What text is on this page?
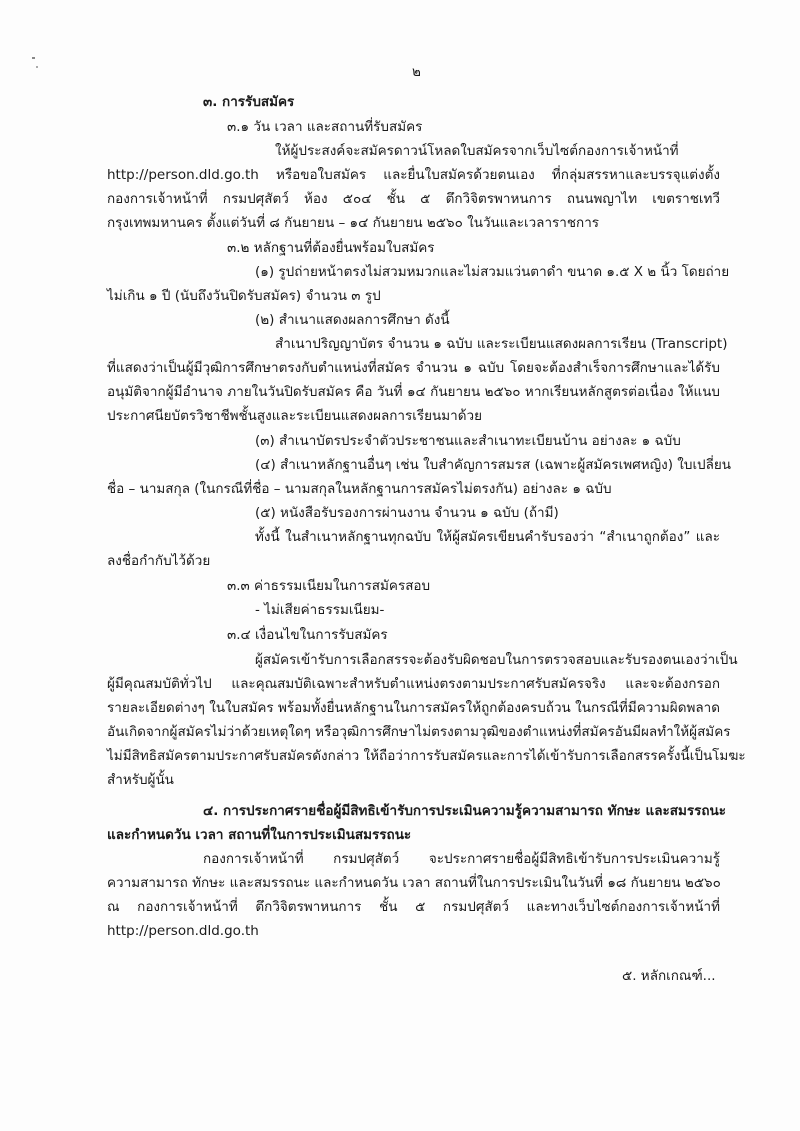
๒
๓. การรับสมัคร
๓.๑ วัน เวลา และสถานที่รับสมัคร
ให้ผู้ประสงค์จะสมัครดาวน์โหลดใบสมัครจากเว็บไซต์กองการเจ้าหน้าที่
http://person.dld.go.th หรือขอใบสมัคร และยื่นใบสมัครด้วยตนเอง ที่กลุ่มสรรหาและบรรจุแต่งตั้ง
กองการเจ้าหน้าที่ กรมปศุสัตว์ ห้อง ๕๐๔ ชั้น ๕ ตึกวิจิตรพาหนการ ถนนพญาไท เขตราชเทวี
กรุงเทพมหานคร ตั้งแต่วันที่ ๘ กันยายน – ๑๔ กันยายน ๒๕๖๐ ในวันและเวลาราชการ
๓.๒ หลักฐานที่ต้องยื่นพร้อมใบสมัคร
(๑) รูปถ่ายหน้าตรงไม่สวมหมวกและไม่สวมแว่นตาดำ ขนาด ๑.๕ X ๒ นิ้ว โดยถ่าย
ไม่เกิน ๑ ปี (นับถึงวันปิดรับสมัคร) จำนวน ๓ รูป
(๒) สำเนาแสดงผลการศึกษา ดังนี้
สำเนาปริญญาบัตร จำนวน ๑ ฉบับ และระเบียนแสดงผลการเรียน (Transcript)
ที่แสดงว่าเป็นผู้มีวุฒิการศึกษาตรงกับตำแหน่งที่สมัคร จำนวน ๑ ฉบับ โดยจะต้องสำเร็จการศึกษาและได้รับ
อนุมัติจากผู้มีอำนาจ ภายในวันปิดรับสมัคร คือ วันที่ ๑๔ กันยายน ๒๕๖๐ หากเรียนหลักสูตรต่อเนื่อง ให้แนบ
ประกาศนียบัตรวิชาชีพชั้นสูงและระเบียนแสดงผลการเรียนมาด้วย
(๓) สำเนาบัตรประจำตัวประชาชนและสำเนาทะเบียนบ้าน อย่างละ ๑ ฉบับ
(๔) สำเนาหลักฐานอื่นๆ เช่น ใบสำคัญการสมรส (เฉพาะผู้สมัครเพศหญิง) ใบเปลี่ยน
ชื่อ – นามสกุล (ในกรณีที่ชื่อ – นามสกุลในหลักฐานการสมัครไม่ตรงกัน) อย่างละ ๑ ฉบับ
(๕) หนังสือรับรองการผ่านงาน จำนวน ๑ ฉบับ (ถ้ามี)
ทั้งนี้ ในสำเนาหลักฐานทุกฉบับ ให้ผู้สมัครเขียนคำรับรองว่า “สำเนาถูกต้อง” และ
ลงชื่อกำกับไว้ด้วย
๓.๓ ค่าธรรมเนียมในการสมัครสอบ
- ไม่เสียค่าธรรมเนียม-
๓.๔ เงื่อนไขในการรับสมัคร
ผู้สมัครเข้ารับการเลือกสรรจะต้องรับผิดชอบในการตรวจสอบและรับรองตนเองว่าเป็น
ผู้มีคุณสมบัติทั่วไป และคุณสมบัติเฉพาะสำหรับตำแหน่งตรงตามประกาศรับสมัครจริง และจะต้องกรอก
รายละเอียดต่างๆ ในใบสมัคร พร้อมทั้งยื่นหลักฐานในการสมัครให้ถูกต้องครบถ้วน ในกรณีที่มีความผิดพลาด
อันเกิดจากผู้สมัครไม่ว่าด้วยเหตุใดๆ หรือวุฒิการศึกษาไม่ตรงตามวุฒิของตำแหน่งที่สมัครอันมีผลทำให้ผู้สมัคร
ไม่มีสิทธิสมัครตามประกาศรับสมัครดังกล่าว ให้ถือว่าการรับสมัครและการได้เข้ารับการเลือกสรรครั้งนี้เป็นโมฆะ
สำหรับผู้นั้น
๔. การประกาศรายชื่อผู้มีสิทธิเข้ารับการประเมินความรู้ความสามารถ ทักษะ และสมรรถนะ
และกำหนดวัน เวลา สถานที่ในการประเมินสมรรถนะ
กองการเจ้าหน้าที่ กรมปศุสัตว์ จะประกาศรายชื่อผู้มีสิทธิเข้ารับการประเมินความรู้
ความสามารถ ทักษะ และสมรรถนะ และกำหนดวัน เวลา สถานที่ในการประเมินในวันที่ ๑๘ กันยายน ๒๕๖๐
ณ กองการเจ้าหน้าที่ ตึกวิจิตรพาหนการ ชั้น ๕ กรมปศุสัตว์ และทางเว็บไซต์กองการเจ้าหน้าที่
http://person.dld.go.th
๕. หลักเกณฑ์...
